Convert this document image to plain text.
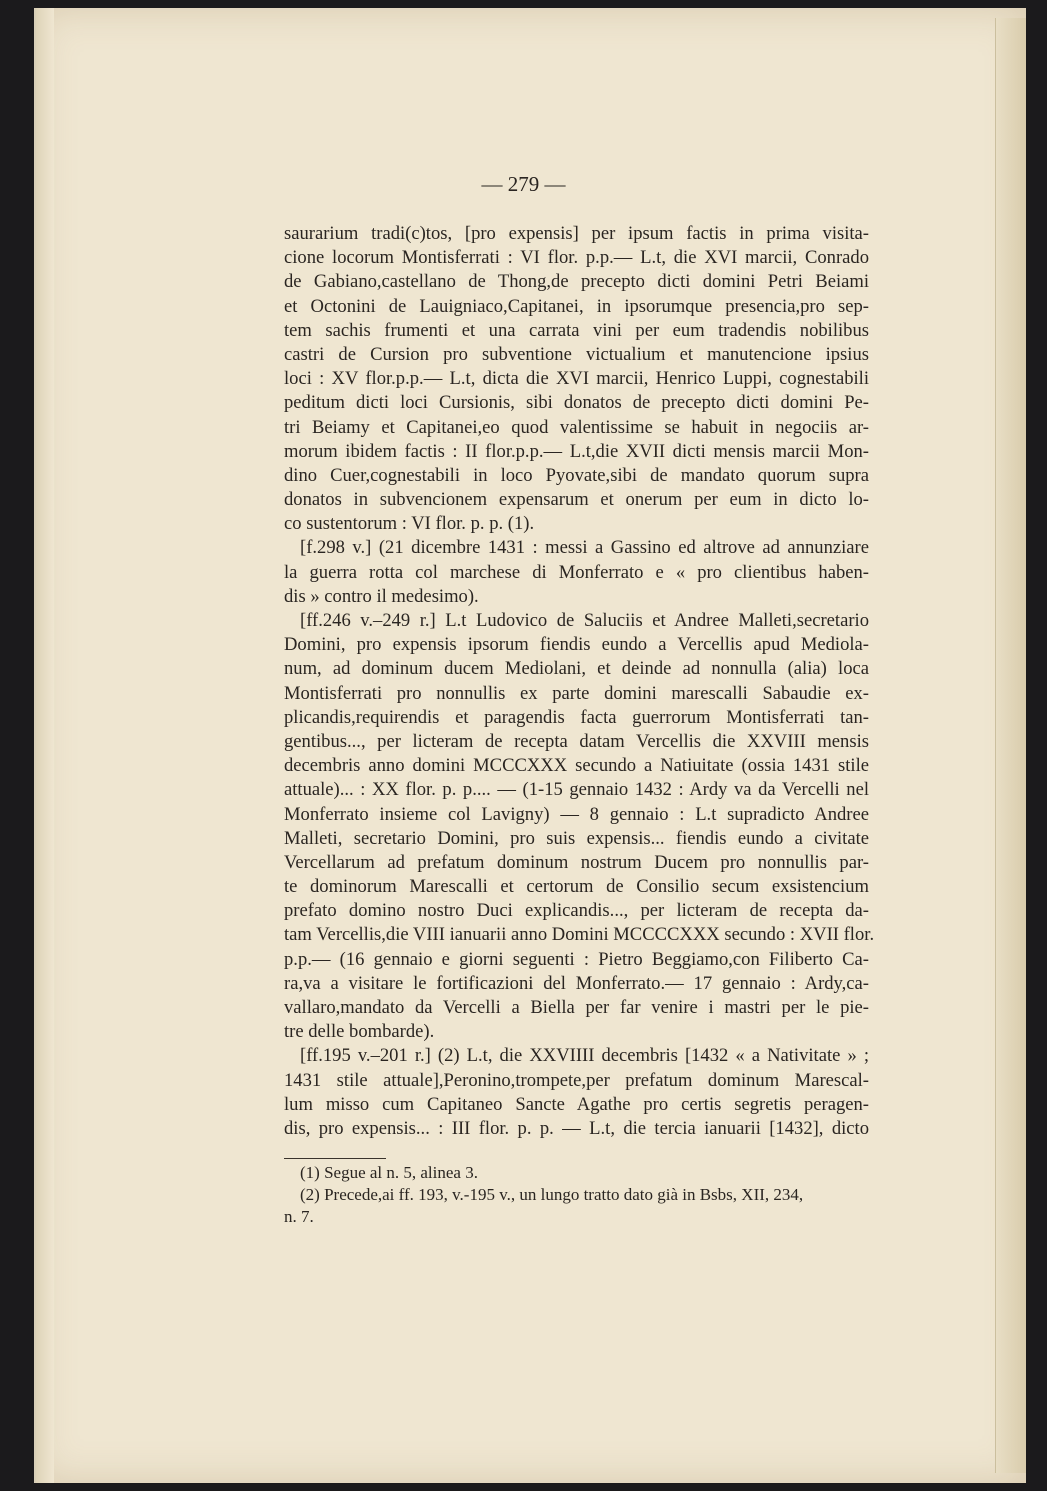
— 279 —
saurarium tradi(c)tos, [pro expensis] per ipsum factis in prima visita-
cione locorum Montisferrati : VI flor. p.p.— L.t, die XVI marcii, Conrado
de Gabiano,castellano de Thong,de precepto dicti domini Petri Beiami
et Octonini de Lauigniaco,Capitanei, in ipsorumque presencia,pro sep-
tem sachis frumenti et una carrata vini per eum tradendis nobilibus
castri de Cursion pro subventione victualium et manutencione ipsius
loci : XV flor.p.p.— L.t, dicta die XVI marcii, Henrico Luppi, cognestabili
peditum dicti loci Cursionis, sibi donatos de precepto dicti domini Pe-
tri Beiamy et Capitanei,eo quod valentissime se habuit in negociis ar-
morum ibidem factis : II flor.p.p.— L.t,die XVII dicti mensis marcii Mon-
dino Cuer,cognestabili in loco Pyovate,sibi de mandato quorum supra
donatos in subvencionem expensarum et onerum per eum in dicto lo-
co sustentorum : VI flor. p. p. (1).
[f.298 v.] (21 dicembre 1431 : messi a Gassino ed altrove ad annunziare
la guerra rotta col marchese di Monferrato e « pro clientibus haben-
dis » contro il medesimo).
[ff.246 v.–249 r.] L.t Ludovico de Saluciis et Andree Malleti,secretario
Domini, pro expensis ipsorum fiendis eundo a Vercellis apud Mediola-
num, ad dominum ducem Mediolani, et deinde ad nonnulla (alia) loca
Montisferrati pro nonnullis ex parte domini marescalli Sabaudie ex-
plicandis,requirendis et paragendis facta guerrorum Montisferrati tan-
gentibus..., per licteram de recepta datam Vercellis die XXVIII mensis
decembris anno domini MCCCXXX secundo a Natiuitate (ossia 1431 stile
attuale)... : XX flor. p. p.... — (1-15 gennaio 1432 : Ardy va da Vercelli nel
Monferrato insieme col Lavigny) — 8 gennaio : L.t supradicto Andree
Malleti, secretario Domini, pro suis expensis... fiendis eundo a civitate
Vercellarum ad prefatum dominum nostrum Ducem pro nonnullis par-
te dominorum Marescalli et certorum de Consilio secum exsistencium
prefato domino nostro Duci explicandis..., per licteram de recepta da-
tam Vercellis,die VIII ianuarii anno Domini MCCCCXXX secundo : XVII flor.
p.p.— (16 gennaio e giorni seguenti : Pietro Beggiamo,con Filiberto Ca-
ra,va a visitare le fortificazioni del Monferrato.— 17 gennaio : Ardy,ca-
vallaro,mandato da Vercelli a Biella per far venire i mastri per le pie-
tre delle bombarde).
[ff.195 v.–201 r.] (2) L.t, die XXVIIII decembris [1432 « a Nativitate » ;
1431 stile attuale],Peronino,trompete,per prefatum dominum Marescal-
lum misso cum Capitaneo Sancte Agathe pro certis segretis peragen-
dis, pro expensis... : III flor. p. p. — L.t, die tercia ianuarii [1432], dicto
(1) Segue al n. 5, alinea 3.
(2) Precede,ai ff. 193, v.-195 v., un lungo tratto dato già in Bsbs, XII, 234,
n. 7.
